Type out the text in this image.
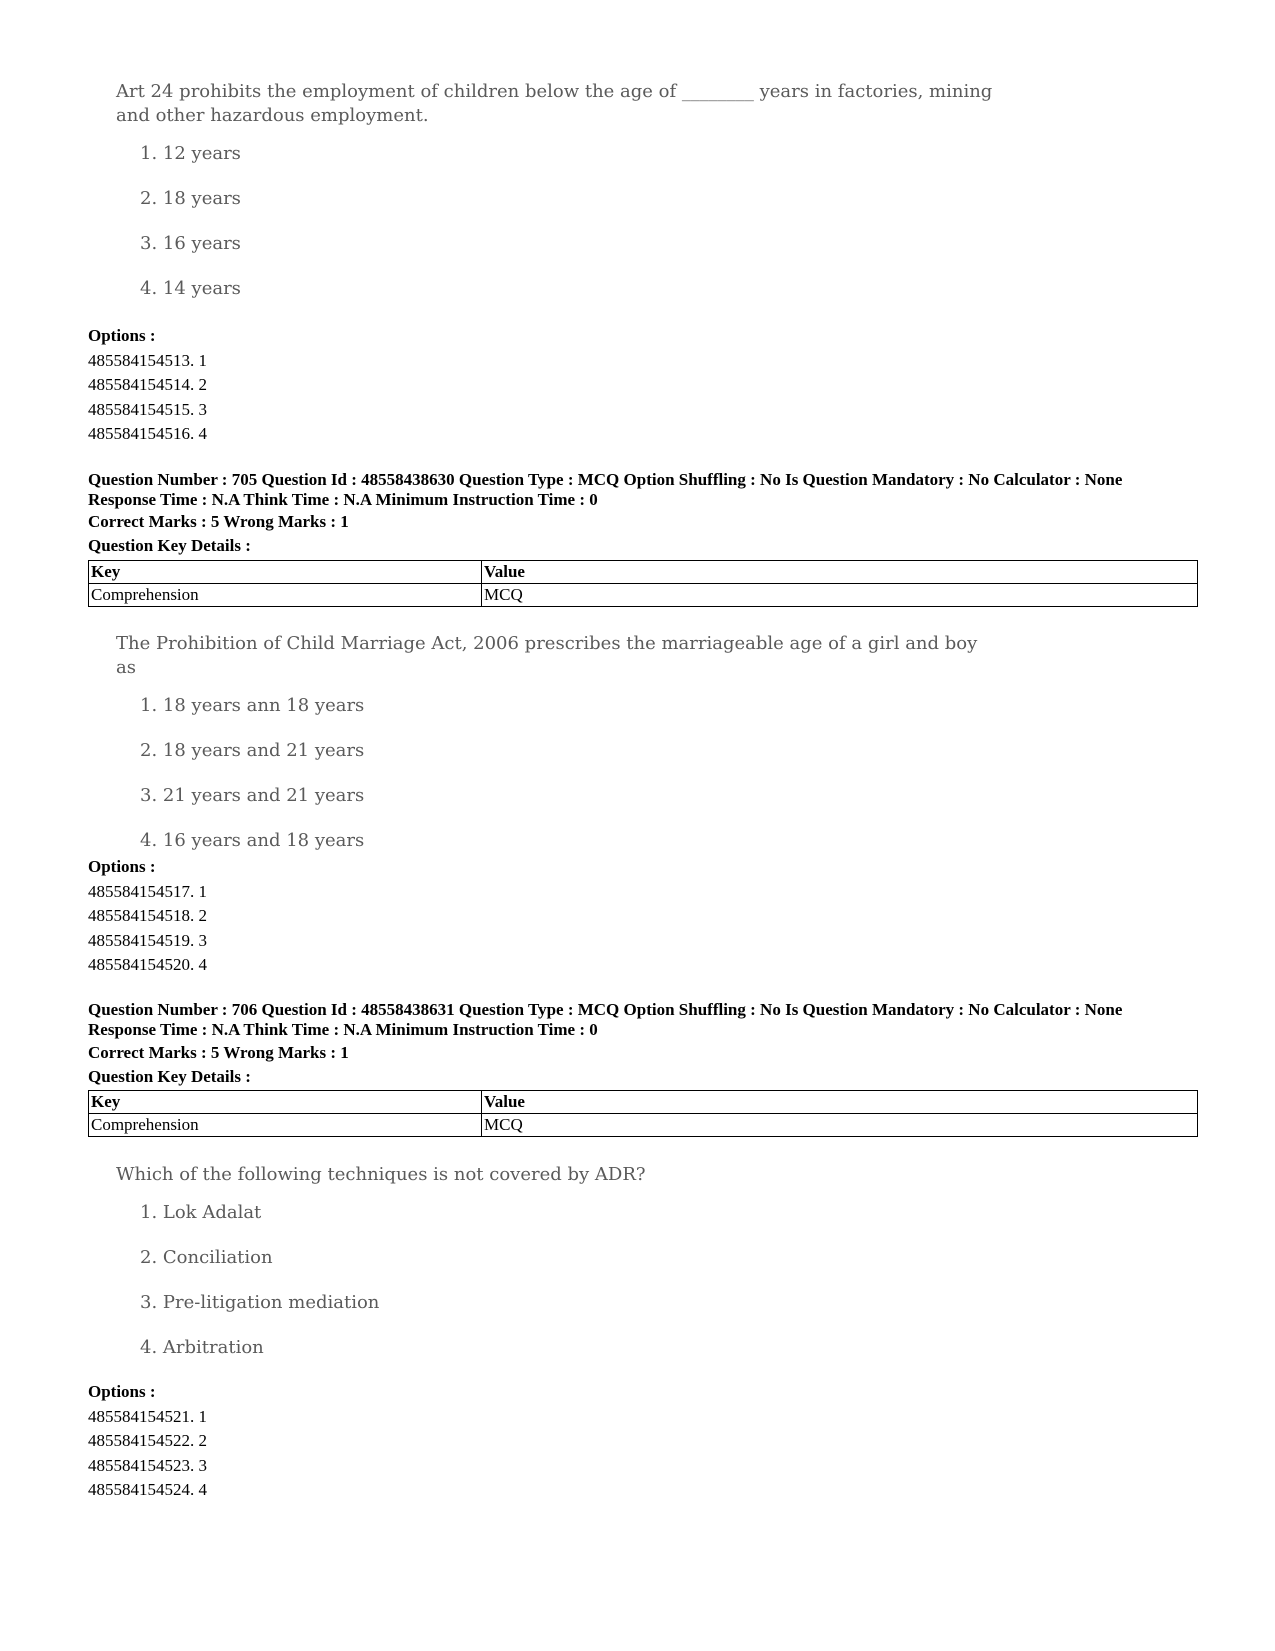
Art 24 prohibits the employment of children below the age of ________ years in factories, mining and other hazardous employment.
1. 12 years
2. 18 years
3. 16 years
4. 14 years
Options :
485584154513. 1
485584154514. 2
485584154515. 3
485584154516. 4
Question Number : 705 Question Id : 48558438630 Question Type : MCQ Option Shuffling : No Is Question Mandatory : No Calculator : None
Response Time : N.A Think Time : N.A Minimum Instruction Time : 0
Correct Marks : 5 Wrong Marks : 1
Question Key Details :
Key	Value
Comprehension	MCQ
The Prohibition of Child Marriage Act, 2006 prescribes the marriageable age of a girl and boy as
1. 18 years ann 18 years
2. 18 years and 21 years
3. 21 years and 21 years
4. 16 years and 18 years
Options :
485584154517. 1
485584154518. 2
485584154519. 3
485584154520. 4
Question Number : 706 Question Id : 48558438631 Question Type : MCQ Option Shuffling : No Is Question Mandatory : No Calculator : None
Response Time : N.A Think Time : N.A Minimum Instruction Time : 0
Correct Marks : 5 Wrong Marks : 1
Question Key Details :
Key	Value
Comprehension	MCQ
Which of the following techniques is not covered by ADR?
1. Lok Adalat
2. Conciliation
3. Pre-litigation mediation
4. Arbitration
Options :
485584154521. 1
485584154522. 2
485584154523. 3
485584154524. 4
